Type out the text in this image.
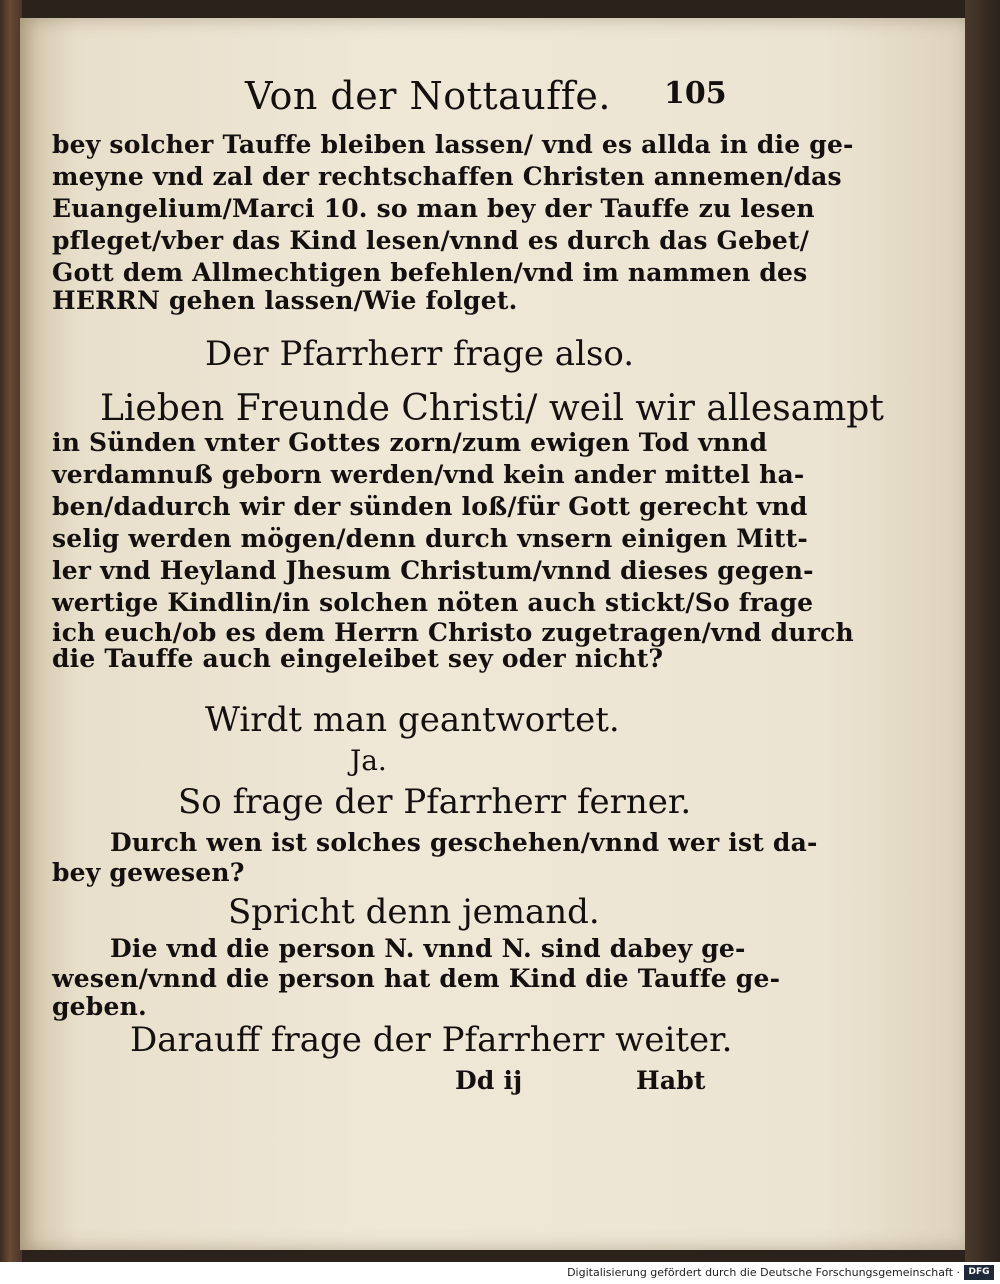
Von der Nottauffe. 105
bey solcher Tauffe bleiben lassen/ vnd es allda in die ge-
meyne vnd zal der rechtschaffen Christen annemen/das
Euangelium/Marci 10. so man bey der Tauffe zu lesen
pfleget/vber das Kind lesen/vnnd es durch das Gebet/
Gott dem Allmechtigen befehlen/vnd im nammen des
HERRN gehen lassen/Wie folget.
Der Pfarrherr frage also.
Lieben Freunde Christi/ weil wir allesampt
in Sünden vnter Gottes zorn/zum ewigen Tod vnnd
verdamnuß geborn werden/vnd kein ander mittel ha-
ben/dadurch wir der sünden loß/für Gott gerecht vnd
selig werden mögen/denn durch vnsern einigen Mitt-
ler vnd Heyland Jhesum Christum/vnnd dieses gegen-
wertige Kindlin/in solchen nöten auch stickt/So frage
ich euch/ob es dem Herrn Christo zugetragen/vnd durch
die Tauffe auch eingeleibet sey oder nicht?
Wirdt man geantwortet.
Ja.
So frage der Pfarrherr ferner.
Durch wen ist solches geschehen/vnnd wer ist da-
bey gewesen?
Spricht denn jemand.
Die vnd die person N. vnnd N. sind dabey ge-
wesen/vnnd die person hat dem Kind die Tauffe ge-
geben.
Darauff frage der Pfarrherr weiter.
Dd ij	Habt
Digitalisierung gefördert durch die Deutsche Forschungsgemeinschaft · DFG
